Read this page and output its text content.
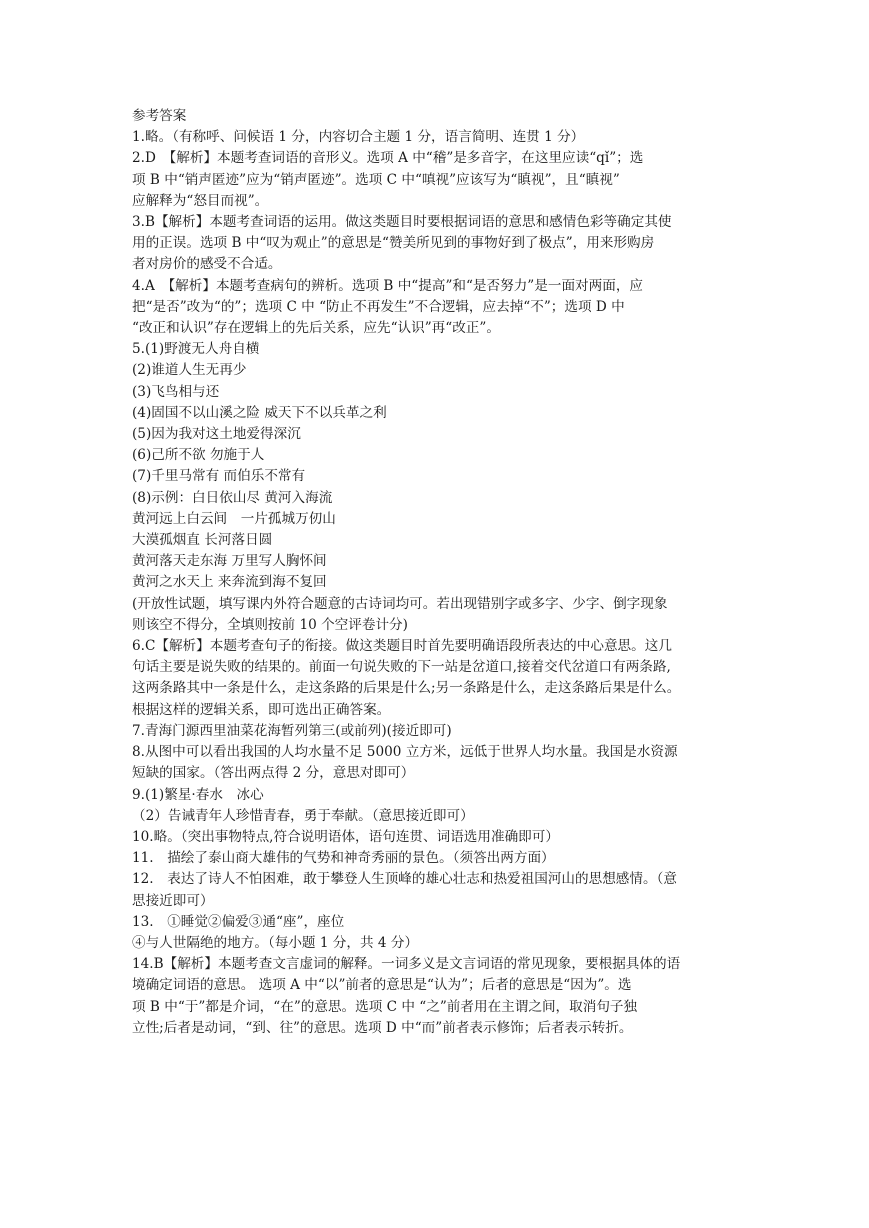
参考答案
1.略。（有称呼、问候语 1 分，内容切合主题 1 分，语言简明、连贯 1 分）
2.D　【解析】本题考查词语的音形义。选项 A 中“稽”是多音字，在这里应读“qǐ”；选
项 B 中“销声匿迹”应为“销声匿迹”。选项 C 中“嗔视”应该写为“瞋视”，且“瞋视”
应解释为“怒目而视”。
3.B【解析】本题考查词语的运用。做这类题目时要根据词语的意思和感情色彩等确定其使
用的正误。选项 B 中“叹为观止”的意思是“赞美所见到的事物好到了极点”，用来形购房
者对房价的感受不合适。
4.A　【解析】本题考查病句的辨析。选项 B 中“提高”和“是否努力”是一面对两面，应
把“是否”改为“的”；选项 C 中 “防止不再发生”不合逻辑，应去掉“不”；选项 D 中
“改正和认识”存在逻辑上的先后关系，应先“认识”再“改正”。
5.(1)野渡无人舟自横
(2)谁道人生无再少
(3)飞鸟相与还
(4)固国不以山溪之险 威天下不以兵革之利
(5)因为我对这土地爱得深沉
(6)己所不欲 勿施于人
(7)千里马常有 而伯乐不常有
(8)示例：白日依山尽 黄河入海流
黄河远上白云间　一片孤城万仞山
大漠孤烟直 长河落日圆
黄河落天走东海 万里写人胸怀间
黄河之水天上 来奔流到海不复回
(开放性试题，填写课内外符合题意的古诗词均可。若出现错别字或多字、少字、倒字现象
则该空不得分，全填则按前 10 个空评卷计分)
6.C【解析】本题考查句子的衔接。做这类题目时首先要明确语段所表达的中心意思。这几
句话主要是说失败的结果的。前面一句说失败的下一站是岔道口,接着交代岔道口有两条路,
这两条路其中一条是什么，走这条路的后果是什么;另一条路是什么，走这条路后果是什么。
根据这样的逻辑关系，即可选出正确答案。
7.青海门源西里油菜花海暂列第三(或前列)(接近即可)
8.从图中可以看出我国的人均水量不足 5000 立方米，远低于世界人均水量。我国是水资源
短缺的国家。（答出两点得 2 分，意思对即可）
9.(1)繁星·春水　冰心
（2）告诫青年人珍惜青春，勇于奉献。（意思接近即可）
10.略。（突出事物特点,符合说明语体，语句连贯、词语选用准确即可）
11.　描绘了泰山商大雄伟的气势和神奇秀丽的景色。（须答出两方面）
12.　表达了诗人不怕困难，敢于攀登人生顶峰的雄心壮志和热爱祖国河山的思想感情。（意
思接近即可）
13.　①睡觉②偏爱③通“座”，座位
④与人世隔绝的地方。（每小题 1 分，共 4 分）
14.B【解析】本题考查文言虚词的解释。一词多义是文言词语的常见现象，要根据具体的语
境确定词语的意思。 选项 A 中“以”前者的意思是“认为”；后者的意思是“因为”。选
项 B 中“于”都是介词，“在”的意思。选项 C 中 “之”前者用在主谓之间，取消句子独
立性;后者是动词，“到、往”的意思。选项 D 中“而”前者表示修饰；后者表示转折。
